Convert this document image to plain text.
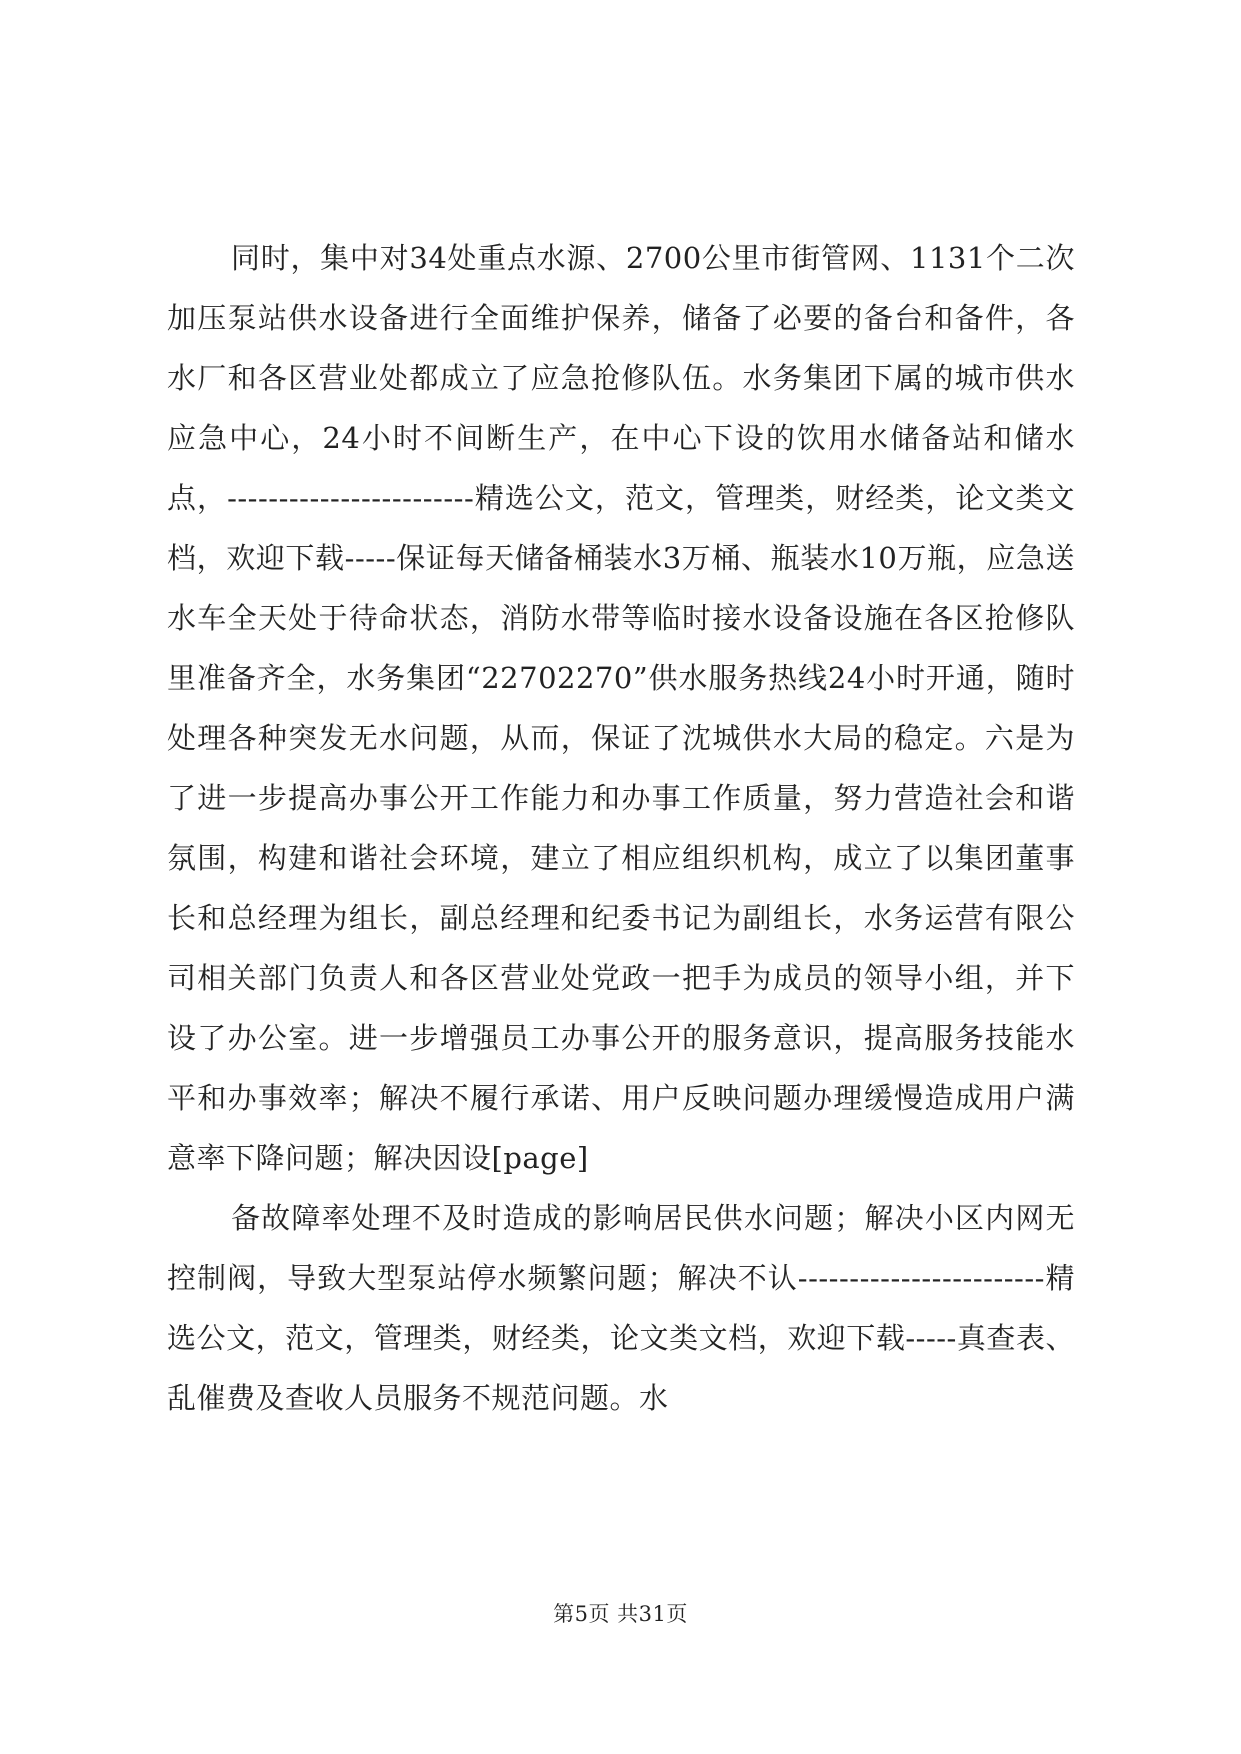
同时，集中对34处重点水源、2700公里市街管网、1131个二次加压泵站供水设备进行全面维护保养，储备了必要的备台和备件，各水厂和各区营业处都成立了应急抢修队伍。水务集团下属的城市供水应急中心，24小时不间断生产，在中心下设的饮用水储备站和储水点，------------------------精选公文，范文，管理类，财经类，论文类文档，欢迎下载-----保证每天储备桶装水3万桶、瓶装水10万瓶，应急送水车全天处于待命状态，消防水带等临时接水设备设施在各区抢修队里准备齐全，水务集团“22702270”供水服务热线24小时开通，随时处理各种突发无水问题，从而，保证了沈城供水大局的稳定。六是为了进一步提高办事公开工作能力和办事工作质量，努力营造社会和谐氛围，构建和谐社会环境，建立了相应组织机构，成立了以集团董事长和总经理为组长，副总经理和纪委书记为副组长，水务运营有限公司相关部门负责人和各区营业处党政一把手为成员的领导小组，并下设了办公室。进一步增强员工办事公开的服务意识，提高服务技能水平和办事效率；解决不履行承诺、用户反映问题办理缓慢造成用户满意率下降问题；解决因设[page]

备故障率处理不及时造成的影响居民供水问题；解决小区内网无控制阀，导致大型泵站停水频繁问题；解决不认------------------------精选公文，范文，管理类，财经类，论文类文档，欢迎下载-----真查表、乱催费及查收人员服务不规范问题。水

第5页 共31页
